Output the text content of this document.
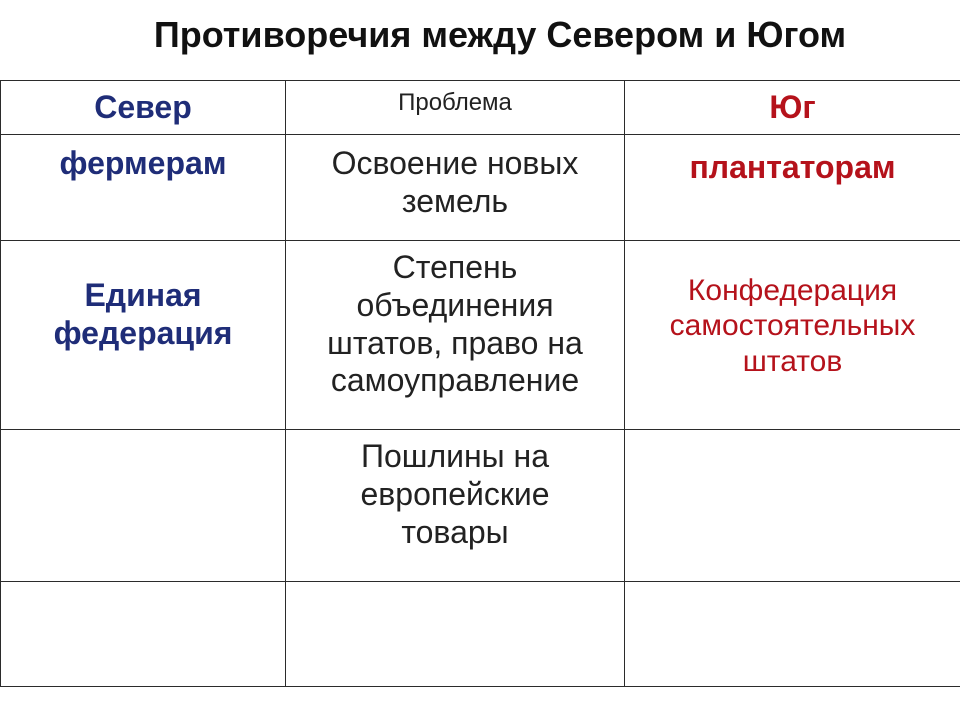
Противоречия между Севером и Югом
Север	Проблема	Юг

фермерам	Освоение новых земель	плантаторам

Единая федерация	Степень объединения штатов, право на самоуправление	Конфедерация самостоятельных штатов

	Пошлины на европейские товары	
